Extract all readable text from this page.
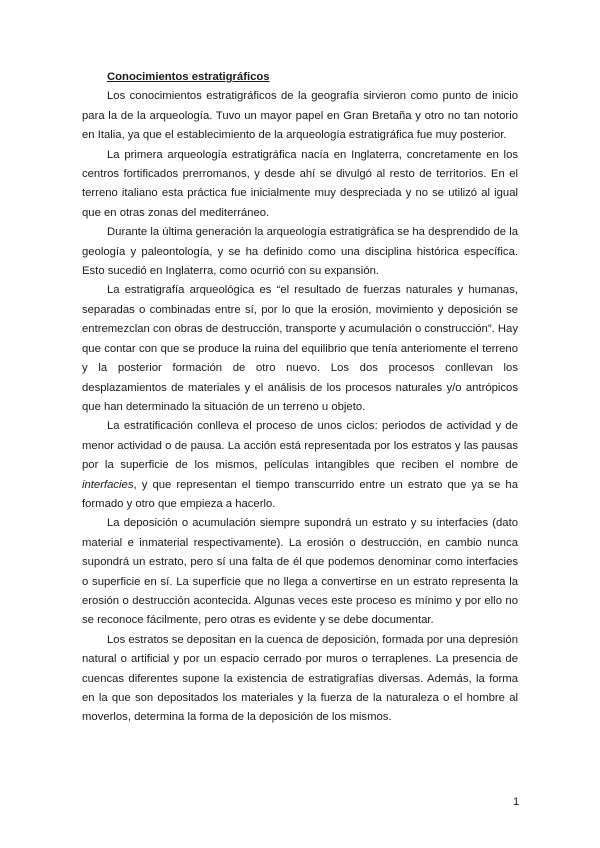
Conocimientos estratigráficos

Los conocimientos estratigráficos de la geografía sirvieron como punto de inicio para la de la arqueología. Tuvo un mayor papel en Gran Bretaña y otro no tan notorio en Italia, ya que el establecimiento de la arqueología estratigráfica fue muy posterior.

La primera arqueología estratigráfica nacía en Inglaterra, concretamente en los centros fortificados prerromanos, y desde ahí se divulgó al resto de territorios. En el terreno italiano esta práctica fue inicialmente muy despreciada y no se utilizó al igual que en otras zonas del mediterráneo.

Durante la última generación la arqueología estratigráfica se ha desprendido de la geología y paleontología, y se ha definido como una disciplina histórica específica. Esto sucedió en Inglaterra, como ocurrió con su expansión.

La estratigrafía arqueológica es “el resultado de fuerzas naturales y humanas, separadas o combinadas entre sí, por lo que la erosión, movimiento y deposición se entremezclan con obras de destrucción, transporte y acumulación o construcción”. Hay que contar con que se produce la ruina del equilibrio que tenía anteriomente el terreno y la posterior formación de otro nuevo. Los dos procesos conllevan los desplazamientos de materiales y el análisis de los procesos naturales y/o antrópicos que han determinado la situación de un terreno u objeto.

La estratificación conlleva el proceso de unos ciclos: periodos de actividad y de menor actividad o de pausa. La acción está representada por los estratos y las pausas por la superficie de los mismos, películas intangibles que reciben el nombre de interfacies, y que representan el tiempo transcurrido entre un estrato que ya se ha formado y otro que empieza a hacerlo.

La deposición o acumulación siempre supondrá un estrato y su interfacies (dato material e inmaterial respectivamente). La erosión o destrucción, en cambio nunca supondrá un estrato, pero sí una falta de él que podemos denominar como interfacies o superficie en sí. La superficie que no llega a convertirse en un estrato representa la erosión o destrucción acontecida. Algunas veces este proceso es mínimo y por ello no se reconoce fácilmente, pero otras es evidente y se debe documentar.

Los estratos se depositan en la cuenca de deposición, formada por una depresión natural o artificial y por un espacio cerrado por muros o terraplenes. La presencia de cuencas diferentes supone la existencia de estratigrafías diversas. Además, la forma en la que son depositados los materiales y la fuerza de la naturaleza o el hombre al moverlos, determina la forma de la deposición de los mismos.

1
